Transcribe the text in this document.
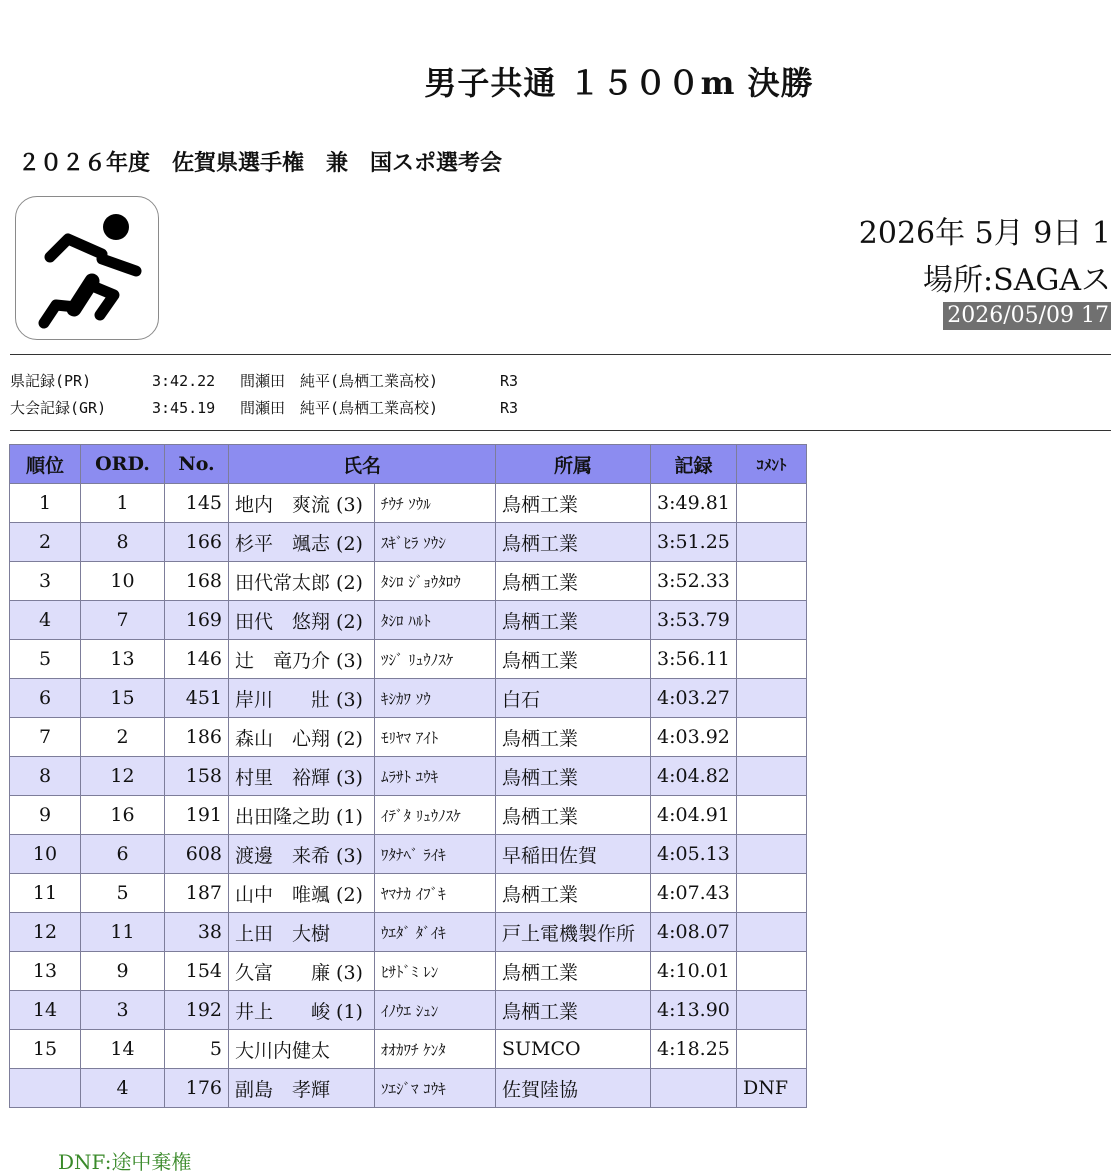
男子共通 １５００m 決勝
２０２６年度　佐賀県選手権　兼　国スポ選考会
2026年 5月 9日 1
場所:SAGAス
2026/05/09 17
県記録(PR)	3:42.22 間瀬田　純平(鳥栖工業高校)	R3
大会記録(GR)	3:45.19 間瀬田　純平(鳥栖工業高校)	R3
順位	ORD.	No.	氏名		所属	記録	ｺﾒﾝﾄ
1	1	145	地内　爽流 (3)	ﾁｳﾁ ｿｳﾙ	鳥栖工業	3:49.81	
2	8	166	杉平　颯志 (2)	ｽｷﾞﾋﾗ ｿｳｼ	鳥栖工業	3:51.25	
3	10	168	田代常太郎 (2)	ﾀｼﾛ ｼﾞｮｳﾀﾛｳ	鳥栖工業	3:52.33	
4	7	169	田代　悠翔 (2)	ﾀｼﾛ ﾊﾙﾄ	鳥栖工業	3:53.79	
5	13	146	辻　竜乃介 (3)	ﾂｼﾞ ﾘｭｳﾉｽｹ	鳥栖工業	3:56.11	
6	15	451	岸川　　壯 (3)	ｷｼｶﾜ ｿｳ	白石	4:03.27	
7	2	186	森山　心翔 (2)	ﾓﾘﾔﾏ ｱｲﾄ	鳥栖工業	4:03.92	
8	12	158	村里　裕輝 (3)	ﾑﾗｻﾄ ﾕｳｷ	鳥栖工業	4:04.82	
9	16	191	出田隆之助 (1)	ｲﾃﾞﾀ ﾘｭｳﾉｽｹ	鳥栖工業	4:04.91	
10	6	608	渡邊　来希 (3)	ﾜﾀﾅﾍﾞ ﾗｲｷ	早稲田佐賀	4:05.13	
11	5	187	山中　唯颯 (2)	ﾔﾏﾅｶ ｲﾌﾞｷ	鳥栖工業	4:07.43	
12	11	38	上田　大樹	ｳｴﾀﾞ ﾀﾞｲｷ	戸上電機製作所	4:08.07	
13	9	154	久富　　廉 (3)	ﾋｻﾄﾞﾐ ﾚﾝ	鳥栖工業	4:10.01	
14	3	192	井上　　峻 (1)	ｲﾉｳｴ ｼｭﾝ	鳥栖工業	4:13.90	
15	14	5	大川内健太	ｵｵｶﾜﾁ ｹﾝﾀ	SUMCO	4:18.25	
	4	176	副島　孝輝	ｿｴｼﾞﾏ ｺｳｷ	佐賀陸協		DNF
DNF:途中棄権
